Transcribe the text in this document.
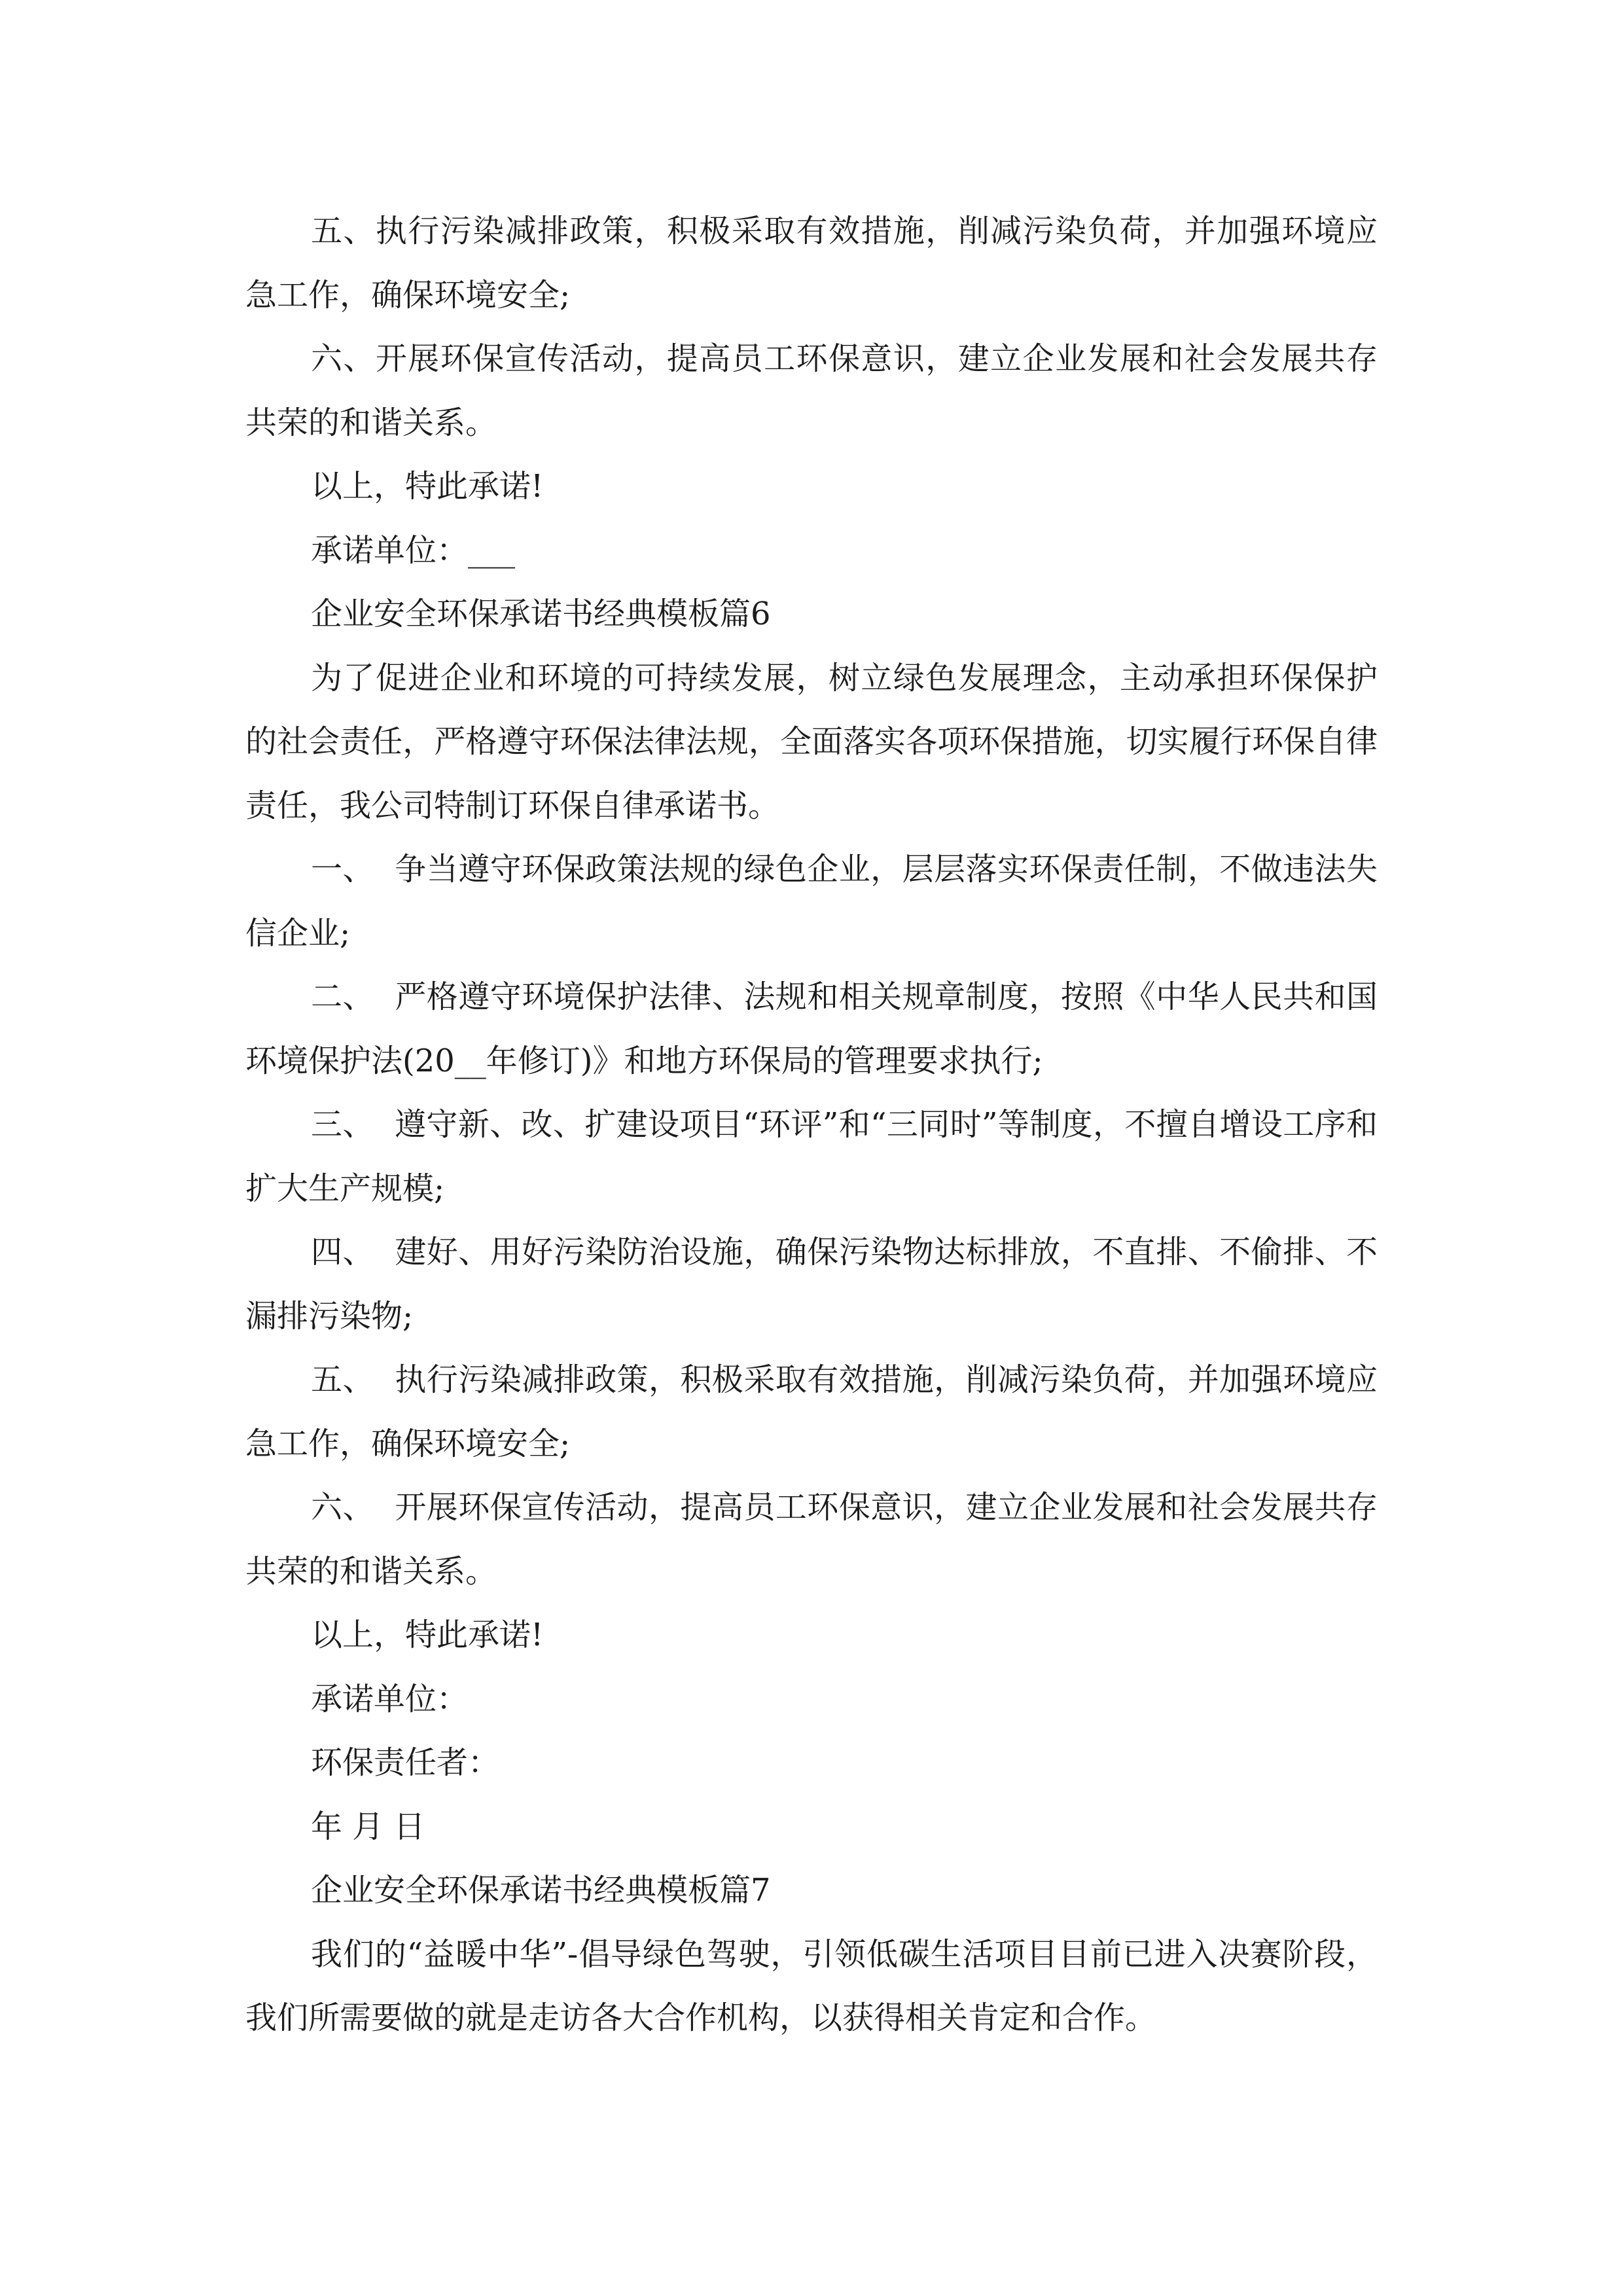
五、执行污染减排政策，积极采取有效措施，削减污染负荷，并加强环境应急工作，确保环境安全;

六、开展环保宣传活动，提高员工环保意识，建立企业发展和社会发展共存共荣的和谐关系。

以上，特此承诺!

承诺单位：___

企业安全环保承诺书经典模板篇6

为了促进企业和环境的可持续发展，树立绿色发展理念，主动承担环保保护的社会责任，严格遵守环保法律法规，全面落实各项环保措施，切实履行环保自律责任，我公司特制订环保自律承诺书。

一、  争当遵守环保政策法规的绿色企业，层层落实环保责任制，不做违法失信企业;

二、  严格遵守环境保护法律、法规和相关规章制度，按照《中华人民共和国环境保护法(20__年修订)》和地方环保局的管理要求执行;

三、  遵守新、改、扩建设项目“环评”和“三同时”等制度，不擅自增设工序和扩大生产规模;

四、  建好、用好污染防治设施，确保污染物达标排放，不直排、不偷排、不漏排污染物;

五、  执行污染减排政策，积极采取有效措施，削减污染负荷，并加强环境应急工作，确保环境安全;

六、  开展环保宣传活动，提高员工环保意识，建立企业发展和社会发展共存共荣的和谐关系。

以上，特此承诺!

承诺单位：

环保责任者：

年 月 日

企业安全环保承诺书经典模板篇7

我们的“益暖中华”-倡导绿色驾驶，引领低碳生活项目目前已进入决赛阶段，我们所需要做的就是走访各大合作机构，以获得相关肯定和合作。
